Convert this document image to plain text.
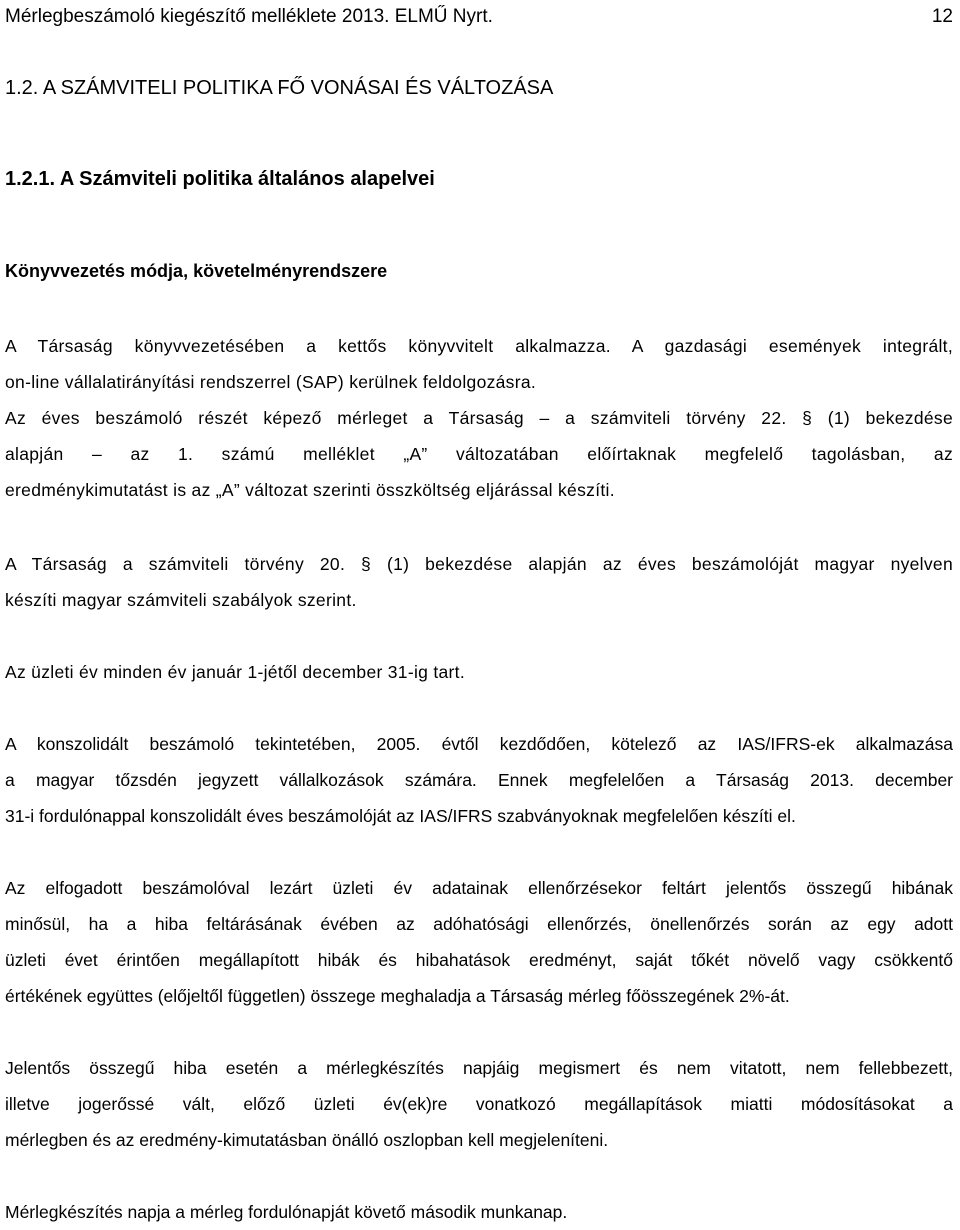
Mérlegbeszámoló kiegészítő melléklete 2013. ELMŰ Nyrt.	12
1.2. A SZÁMVITELI POLITIKA FŐ VONÁSAI ÉS VÁLTOZÁSA
1.2.1. A Számviteli politika általános alapelvei
Könyvvezetés módja, követelményrendszere
A Társaság könyvvezetésében a kettős könyvvitelt alkalmazza. A gazdasági események integrált,
on-line vállalatirányítási rendszerrel (SAP) kerülnek feldolgozásra.
Az éves beszámoló részét képező mérleget a Társaság – a számviteli törvény 22. § (1) bekezdése
alapján – az 1. számú melléklet „A” változatában előírtaknak megfelelő tagolásban, az
eredménykimutatást is az „A” változat szerinti összköltség eljárással készíti.
A Társaság a számviteli törvény 20. § (1) bekezdése alapján az éves beszámolóját magyar nyelven
készíti magyar számviteli szabályok szerint.
Az üzleti év minden év január 1-jétől december 31-ig tart.
A konszolidált beszámoló tekintetében, 2005. évtől kezdődően, kötelező az IAS/IFRS-ek alkalmazása
a magyar tőzsdén jegyzett vállalkozások számára. Ennek megfelelően a Társaság 2013. december
31-i fordulónappal konszolidált éves beszámolóját az IAS/IFRS szabványoknak megfelelően készíti el.
Az elfogadott beszámolóval lezárt üzleti év adatainak ellenőrzésekor feltárt jelentős összegű hibának
minősül, ha a hiba feltárásának évében az adóhatósági ellenőrzés, önellenőrzés során az egy adott
üzleti évet érintően megállapított hibák és hibahatások eredményt, saját tőkét növelő vagy csökkentő
értékének együttes (előjeltől független) összege meghaladja a Társaság mérleg főösszegének 2%-át.
Jelentős összegű hiba esetén a mérlegkészítés napjáig megismert és nem vitatott, nem fellebbezett,
illetve jogerőssé vált, előző üzleti év(ek)re vonatkozó megállapítások miatti módosításokat a
mérlegben és az eredmény-kimutatásban önálló oszlopban kell megjeleníteni.
Mérlegkészítés napja a mérleg fordulónapját követő második munkanap.
